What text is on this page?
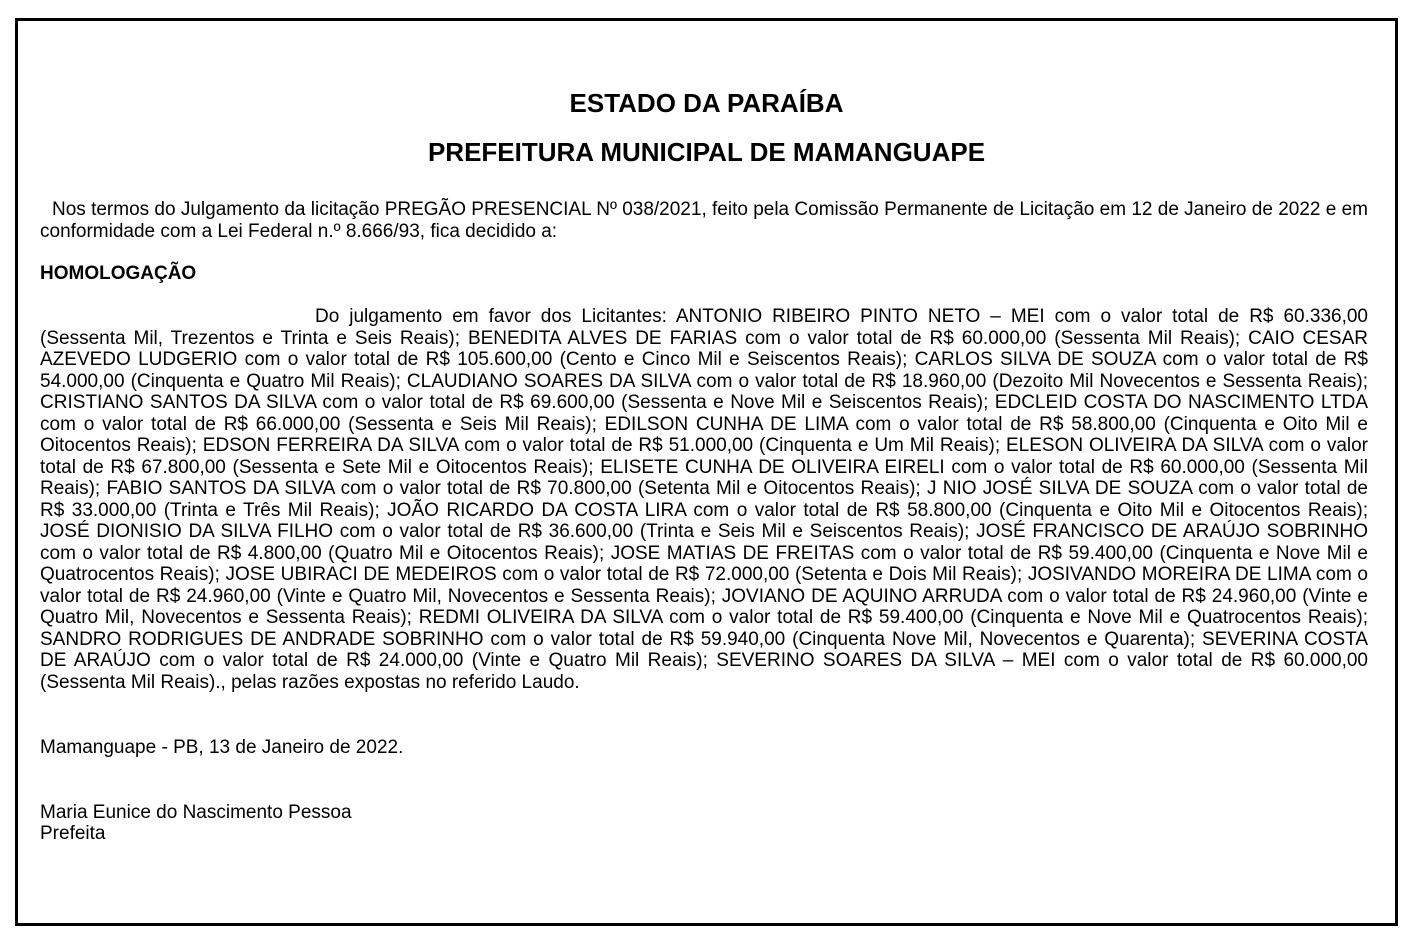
ESTADO DA PARAÍBA
PREFEITURA MUNICIPAL DE MAMANGUAPE
Nos termos do Julgamento da licitação PREGÃO PRESENCIAL Nº 038/2021, feito pela Comissão Permanente de Licitação em 12 de Janeiro de 2022 e em conformidade com a Lei Federal n.º 8.666/93, fica decidido a:
HOMOLOGAÇÃO
Do julgamento em favor dos Licitantes: ANTONIO RIBEIRO PINTO NETO – MEI com o valor total de R$ 60.336,00 (Sessenta Mil, Trezentos e Trinta e Seis Reais); BENEDITA ALVES DE FARIAS com o valor total de R$ 60.000,00 (Sessenta Mil Reais); CAIO CESAR AZEVEDO LUDGERIO com o valor total de R$ 105.600,00 (Cento e Cinco Mil e Seiscentos Reais); CARLOS SILVA DE SOUZA com o valor total de R$ 54.000,00 (Cinquenta e Quatro Mil Reais); CLAUDIANO SOARES DA SILVA com o valor total de R$ 18.960,00 (Dezoito Mil Novecentos e Sessenta Reais); CRISTIANO SANTOS DA SILVA com o valor total de R$ 69.600,00 (Sessenta e Nove Mil e Seiscentos Reais); EDCLEID COSTA DO NASCIMENTO LTDA com o valor total de R$ 66.000,00 (Sessenta e Seis Mil Reais); EDILSON CUNHA DE LIMA com o valor total de R$ 58.800,00 (Cinquenta e Oito Mil e Oitocentos Reais); EDSON FERREIRA DA SILVA com o valor total de R$ 51.000,00 (Cinquenta e Um Mil Reais); ELESON OLIVEIRA DA SILVA com o valor total de R$ 67.800,00 (Sessenta e Sete Mil e Oitocentos Reais); ELISETE CUNHA DE OLIVEIRA EIRELI com o valor total de R$ 60.000,00 (Sessenta Mil Reais); FABIO SANTOS DA SILVA com o valor total de R$ 70.800,00 (Setenta Mil e Oitocentos Reais); J NIO JOSÉ SILVA DE SOUZA com o valor total de R$ 33.000,00 (Trinta e Três Mil Reais); JOÃO RICARDO DA COSTA LIRA com o valor total de R$ 58.800,00 (Cinquenta e Oito Mil e Oitocentos Reais); JOSÉ DIONISIO DA SILVA FILHO com o valor total de R$ 36.600,00 (Trinta e Seis Mil e Seiscentos Reais); JOSÉ FRANCISCO DE ARAÚJO SOBRINHO com o valor total de R$ 4.800,00 (Quatro Mil e Oitocentos Reais); JOSE MATIAS DE FREITAS com o valor total de R$ 59.400,00 (Cinquenta e Nove Mil e Quatrocentos Reais); JOSE UBIRACI DE MEDEIROS com o valor total de R$ 72.000,00 (Setenta e Dois Mil Reais); JOSIVANDO MOREIRA DE LIMA com o valor total de R$ 24.960,00 (Vinte e Quatro Mil, Novecentos e Sessenta Reais); JOVIANO DE AQUINO ARRUDA com o valor total de R$ 24.960,00 (Vinte e Quatro Mil, Novecentos e Sessenta Reais); REDMI OLIVEIRA DA SILVA com o valor total de R$ 59.400,00 (Cinquenta e Nove Mil e Quatrocentos Reais); SANDRO RODRIGUES DE ANDRADE SOBRINHO com o valor total de R$ 59.940,00 (Cinquenta Nove Mil, Novecentos e Quarenta); SEVERINA COSTA DE ARAÚJO com o valor total de R$ 24.000,00 (Vinte e Quatro Mil Reais); SEVERINO SOARES DA SILVA – MEI com o valor total de R$ 60.000,00 (Sessenta Mil Reais)., pelas razões expostas no referido Laudo.
Mamanguape - PB, 13 de Janeiro de 2022.
Maria Eunice do Nascimento Pessoa
Prefeita
